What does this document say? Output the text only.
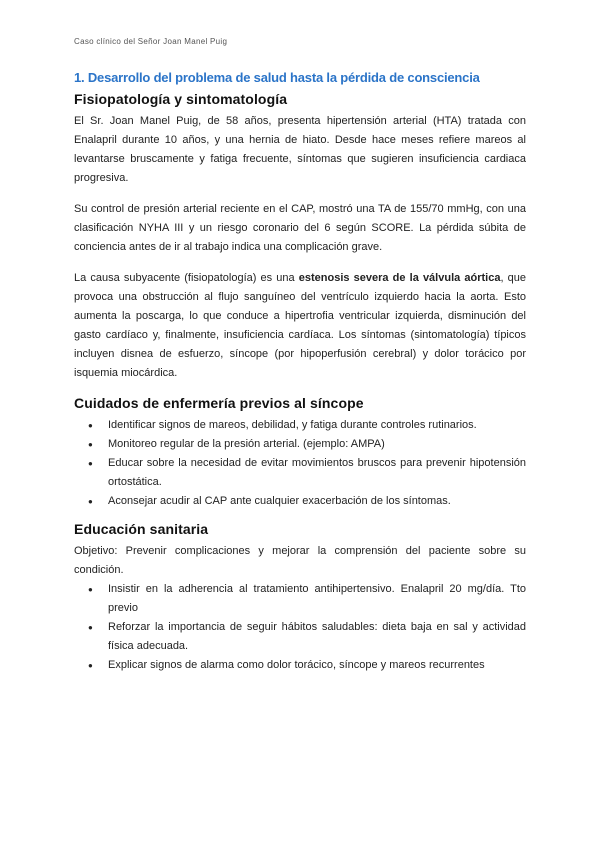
Caso clínico del Señor Joan Manel Puig
1. Desarrollo del problema de salud hasta la pérdida de consciencia
Fisiopatología y sintomatología

El Sr. Joan Manel Puig, de 58 años, presenta hipertensión arterial (HTA) tratada con Enalapril durante 10 años, y una hernia de hiato. Desde hace meses refiere mareos al levantarse bruscamente y fatiga frecuente, síntomas que sugieren insuficiencia cardiaca progresiva.

Su control de presión arterial reciente en el CAP, mostró una TA de 155/70 mmHg, con una clasificación NYHA III y un riesgo coronario del 6 según SCORE. La pérdida súbita de conciencia antes de ir al trabajo indica una complicación grave.

La causa subyacente (fisiopatología) es una estenosis severa de la válvula aórtica, que provoca una obstrucción al flujo sanguíneo del ventrículo izquierdo hacia la aorta. Esto aumenta la poscarga, lo que conduce a hipertrofia ventricular izquierda, disminución del gasto cardíaco y, finalmente, insuficiencia cardíaca. Los síntomas (sintomatología) típicos incluyen disnea de esfuerzo, síncope (por hipoperfusión cerebral) y dolor torácico por isquemia miocárdica.

Cuidados de enfermería previos al síncope
● Identificar signos de mareos, debilidad, y fatiga durante controles rutinarios.
● Monitoreo regular de la presión arterial. (ejemplo: AMPA)
● Educar sobre la necesidad de evitar movimientos bruscos para prevenir hipotensión ortostática.
● Aconsejar acudir al CAP ante cualquier exacerbación de los síntomas.
Educación sanitaria

Objetivo: Prevenir complicaciones y mejorar la comprensión del paciente sobre su condición.

● Insistir en la adherencia al tratamiento antihipertensivo. Enalapril 20 mg/día. Tto previo
● Reforzar la importancia de seguir hábitos saludables: dieta baja en sal y actividad física adecuada.
● Explicar signos de alarma como dolor torácico, síncope y mareos recurrentes
